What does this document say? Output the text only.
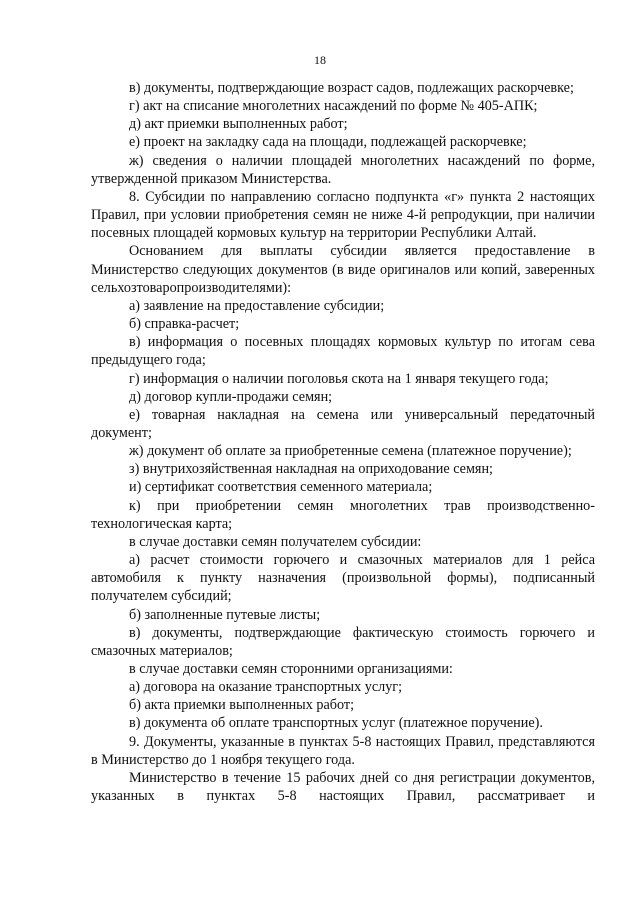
18

в) документы, подтверждающие возраст садов, подлежащих раскорчевке;

г) акт на списание многолетних насаждений по форме № 405-АПК;

д) акт приемки выполненных работ;

е) проект на закладку сада на площади, подлежащей раскорчевке;

ж) сведения о наличии площадей многолетних насаждений по форме, утвержденной приказом Министерства.

8. Субсидии по направлению согласно подпункта «г» пункта 2 настоящих Правил, при условии приобретения семян не ниже 4-й репродукции, при наличии посевных площадей кормовых культур на территории Республики Алтай.

Основанием для выплаты субсидии является предоставление в Министерство следующих документов (в виде оригиналов или копий, заверенных сельхозтоваропроизводителями):

а) заявление на предоставление субсидии;

б) справка-расчет;

в) информация о посевных площадях кормовых культур по итогам сева предыдущего года;

г) информация о наличии поголовья скота на 1 января текущего года;

д) договор купли-продажи семян;

е) товарная накладная на семена или универсальный передаточный документ;

ж) документ об оплате за приобретенные семена (платежное поручение);

з) внутрихозяйственная накладная на оприходование семян;

и) сертификат соответствия семенного материала;

к) при приобретении семян многолетних трав производственно-технологическая карта;

в случае доставки семян получателем субсидии:

а) расчет стоимости горючего и смазочных материалов для 1 рейса автомобиля к пункту назначения (произвольной формы), подписанный получателем субсидий;

б) заполненные путевые листы;

в) документы, подтверждающие фактическую стоимость горючего и смазочных материалов;

в случае доставки семян сторонними организациями:

а) договора на оказание транспортных услуг;

б) акта приемки выполненных работ;

в) документа об оплате транспортных услуг (платежное поручение).

9. Документы, указанные в пунктах 5-8 настоящих Правил, представляются в Министерство до 1 ноября текущего года.

Министерство в течение 15 рабочих дней со дня регистрации документов, указанных в пунктах 5-8 настоящих Правил, рассматривает и
